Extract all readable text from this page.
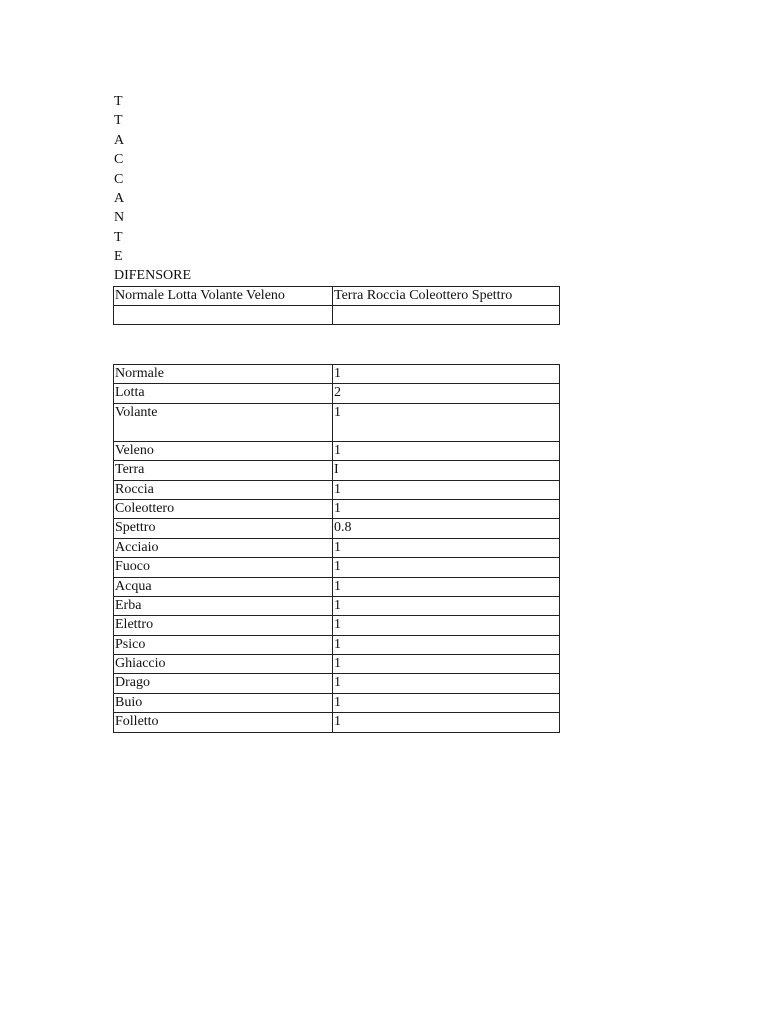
T
T
A
C
C
A
N
T
E
DIFENSORE
Normale Lotta Volante Veleno	Terra Roccia Coleottero Spettro

Normale	1
Lotta	2
Volante	1
Veleno	1
Terra	I
Roccia	1
Coleottero	1
Spettro	0.8
Acciaio	1
Fuoco	1
Acqua	1
Erba	1
Elettro	1
Psico	1
Ghiaccio	1
Drago	1
Buio	1
Folletto	1
